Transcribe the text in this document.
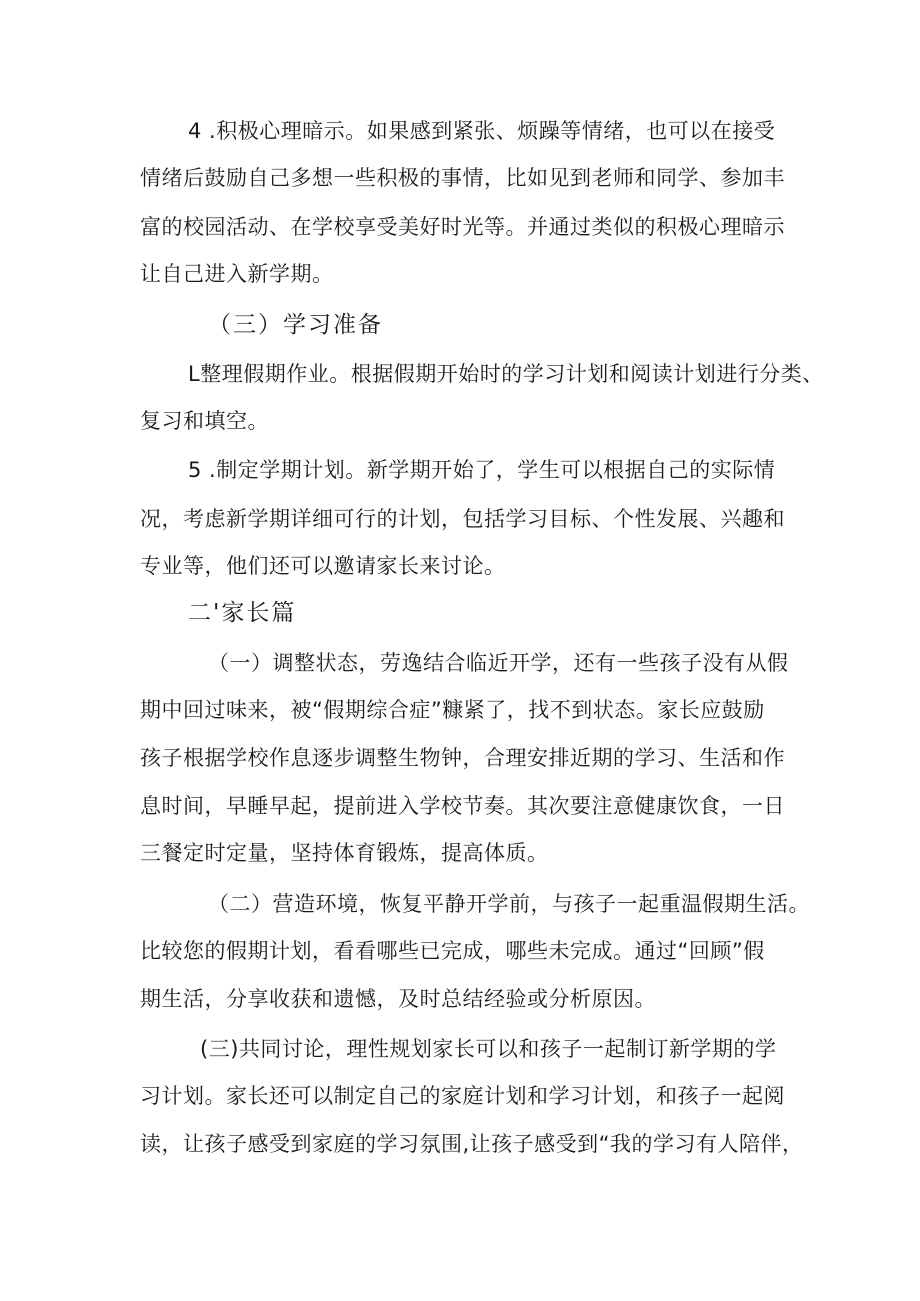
4 .积极心理暗示。如果感到紧张、烦躁等情绪，也可以在接受
情绪后鼓励自己多想一些积极的事情，比如见到老师和同学、参加丰
富的校园活动、在学校享受美好时光等。并通过类似的积极心理暗示
让自己进入新学期。
（三）学习准备
L整理假期作业。根据假期开始时的学习计划和阅读计划进行分类、
复习和填空。
5 .制定学期计划。新学期开始了，学生可以根据自己的实际情
况，考虑新学期详细可行的计划，包括学习目标、个性发展、兴趣和
专业等，他们还可以邀请家长来讨论。
二'家长篇
（一）调整状态，劳逸结合临近开学，还有一些孩子没有从假
期中回过味来，被“假期综合症”糠紧了，找不到状态。家长应鼓励
孩子根据学校作息逐步调整生物钟，合理安排近期的学习、生活和作
息时间，早睡早起，提前进入学校节奏。其次要注意健康饮食，一日
三餐定时定量，坚持体育锻炼，提高体质。
（二）营造环境，恢复平静开学前，与孩子一起重温假期生活。
比较您的假期计划，看看哪些已完成，哪些未完成。通过“回顾”假
期生活，分享收获和遗憾，及时总结经验或分析原因。
(三)共同讨论，理性规划家长可以和孩子一起制订新学期的学
习计划。家长还可以制定自己的家庭计划和学习计划，和孩子一起阅
读，让孩子感受到家庭的学习氛围,让孩子感受到“我的学习有人陪伴，
